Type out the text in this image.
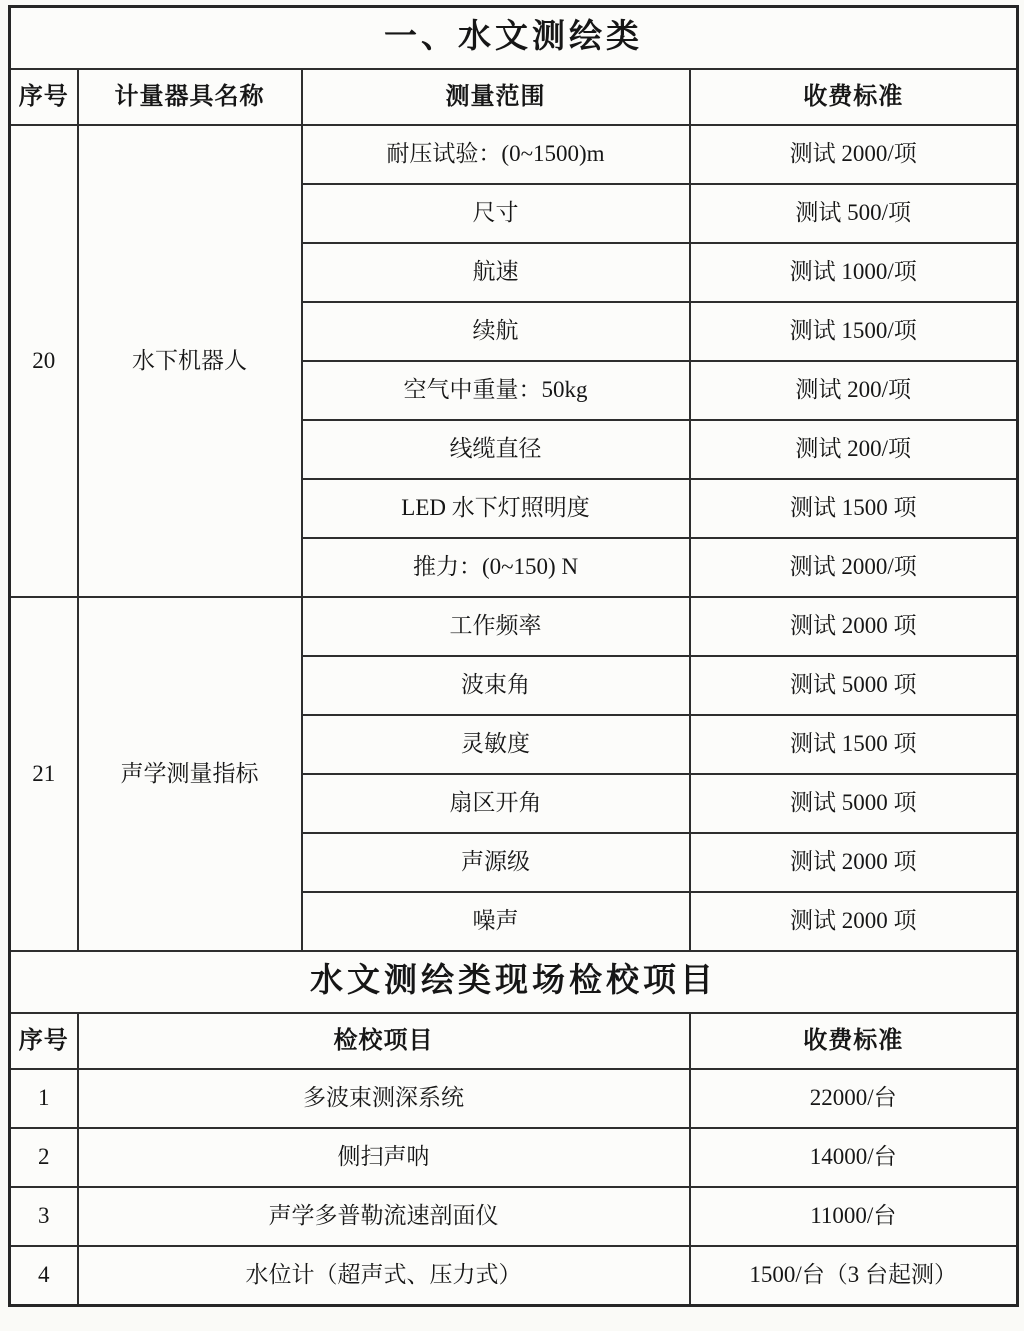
一、水文测绘类			
序号	计量器具名称	测量范围	收费标准
20	水下机器人	耐压试验：(0~1500)m	测试 2000/项
		尺寸	测试 500/项
		航速	测试 1000/项
		续航	测试 1500/项
		空气中重量：50kg	测试 200/项
		线缆直径	测试 200/项
		LED 水下灯照明度	测试 1500 项
		推力：(0~150) N	测试 2000/项
21	声学测量指标	工作频率	测试 2000 项
		波束角	测试 5000 项
		灵敏度	测试 1500 项
		扇区开角	测试 5000 项
		声源级	测试 2000 项
		噪声	测试 2000 项
水文测绘类现场检校项目			
序号	检校项目		收费标准
1	多波束测深系统		22000/台
2	侧扫声呐		14000/台
3	声学多普勒流速剖面仪		11000/台
4	水位计（超声式、压力式）		1500/台（3 台起测）
